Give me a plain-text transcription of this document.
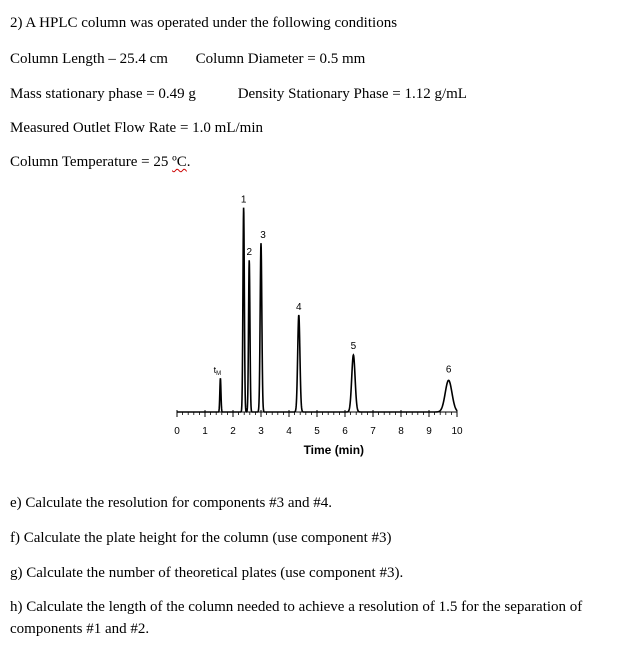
2) A HPLC column was operated under the following conditions
Column Length – 25.4 cm Column Diameter = 0.5 mm
Mass stationary phase = 0.49 g	Density Stationary Phase = 1.12 g/mL
Measured Outlet Flow Rate = 1.0 mL/min
Column Temperature = 25 ºC.
0 1 2 3 4 5 6 7 8 9 10
Time (min)
$t_M$
1
2
3
4
5
6
e) Calculate the resolution for components #3 and #4.
f) Calculate the plate height for the column (use component #3)
g) Calculate the number of theoretical plates (use component #3).
h) Calculate the length of the column needed to achieve a resolution of 1.5 for the separation of components #1 and #2.
